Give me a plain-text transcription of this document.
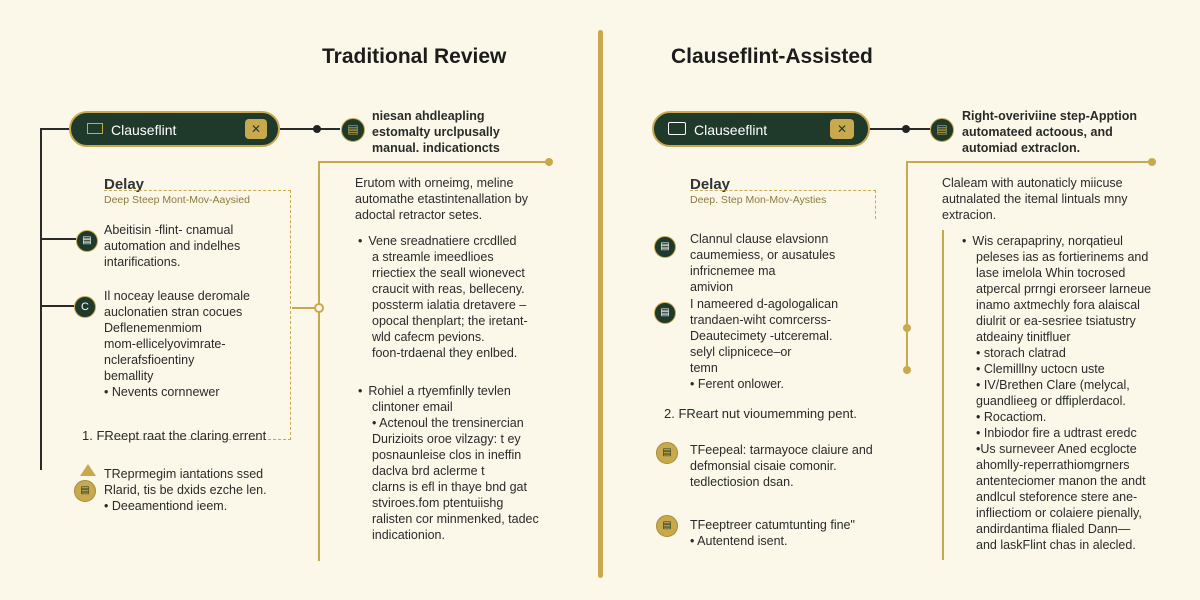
Traditional Review
Clauseflint	✕	▤
niesan ahdleapling
estomalty urclpusally
manual. indicationcts
Delay
Deep Steep Mont-Mov-Aaysied
▤
Abeitisin -flint- cnamual
automation and indelhes
intarifications.
C
Il noceay leause deromale
auclonatien stran cocues
Deflenemenmiom
mom-ellicelyovimrate-
nclerafsfioentiny
bemallity
• Nevents cornnewer
1. FReept raat the claring errent
▤
TReprmegim iantations ssed
Rlarid, tis be dxids ezche len.
• Deeamentiond ieem.
Erutom with orneimg, meline
automathe etastintenallation by
adoctal retractor setes.
• Vene sreadnatiere crcdlled
a streamle imeedlioes
rriectiex the seall wionevect
craucit with reas, belleceny.
possterm ialatia dretavere –
opocal thenplart; the iretant-
wld cafecm pevions.
foon-trdaenal they enlbed.
• Rohiel a rtyemfinlly tevlen
clintoner email
• Actenoul the trensinercian
Durizioits oroe vilzagy: t ey
posnaunleise clos in ineffin
daclva brd aclerme t
clarns is efl in thaye bnd gat
stviroes.fom ptentuiishg
ralisten cor minmenked, tadec
indicationion.
Clauseflint-Assisted
Clauseeflint	✕	▤
Right-overiviine step-Apption
automateed actoous, and
automiad extraclon.
Delay
Deep. Step Mon-Mov-Aysties
▤
Clannul clause elavsionn
caumemiess, or ausatules
infricnemee ma
amivion
▤
I nameered d-agologalican
trandaen-wiht comrcerss-
Deautecimety -utceremal.
selyl clipnicece–or
temn
• Ferent onlower.
2. FReart nut vioumemming pent.
▤	TFeepeal: tarmayoce claiure and
defmonsial cisaie comonir.
tedlectiosion dsan.
▤	TFeeptreer catumtunting fine"
• Autentend isent.
Claleam with autonaticly miicuse
autnalated the itemal lintuals mny
extracion.
• Wis cerapapriny, norqatieul
peleses ias as fortierinems and
lase imelola Whin tocrosed
atpercal prrngi erorseer larneue
inamo axtmechly fora alaiscal
diulrit or ea-sesriee tsiatustry
atdeainy tinitfluer
• storach clatrad
• Clemilllny uctocn uste
• IV/Brethen Clare (melycal,
guandlieeg or dffiplerdacol.
• Rocactiom.
• Inbiodor fire a udtrast eredc
•Us surneveer Aned ecglocte
ahomlly-reperrathiomgrners
antenteciomer manon the andt
andlcul steforence stere ane-
infliectiom or colaiere pienally,
andirdantima flialed Dann—
and laskFlint chas in alecled.
